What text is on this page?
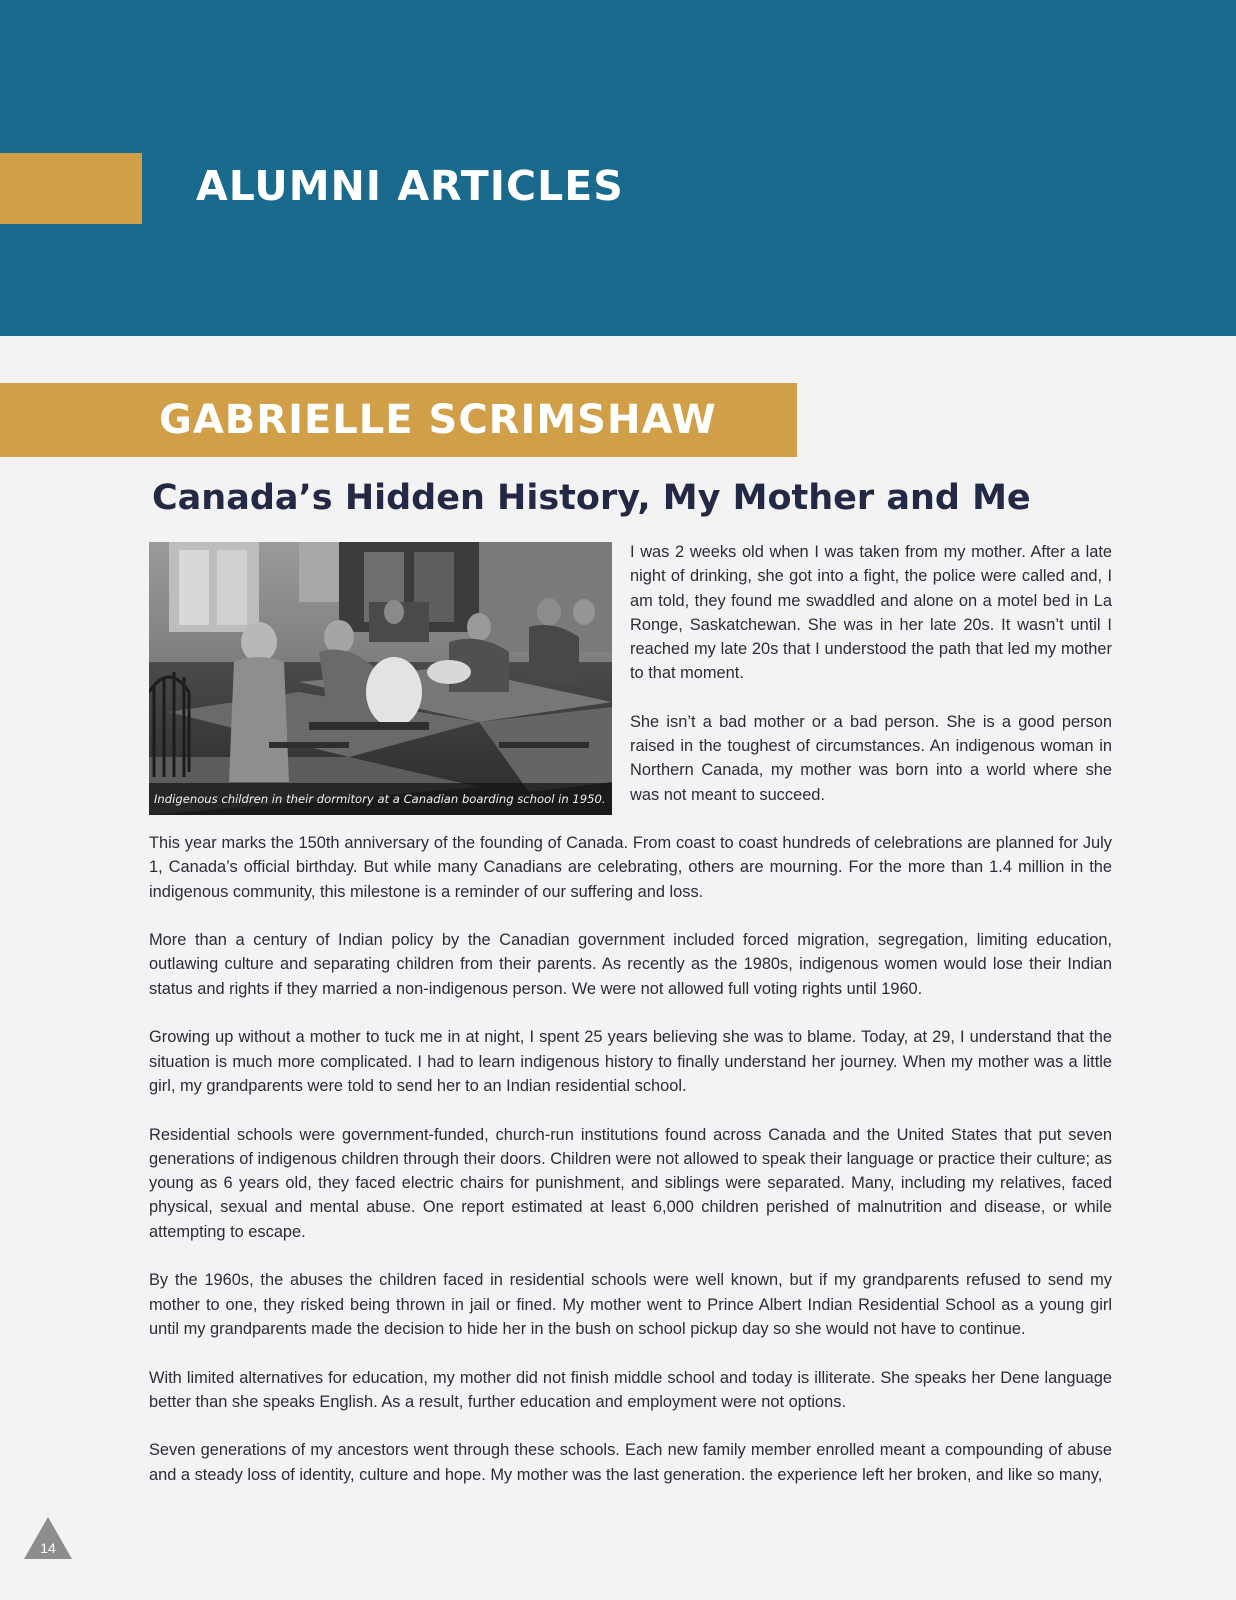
ALUMNI ARTICLES
GABRIELLE SCRIMSHAW
Canada’s Hidden History, My Mother and Me
Indigenous children in their dormitory at a Canadian boarding school in 1950.

I was 2 weeks old when I was taken from my mother. After a late night of drinking, she got into a fight, the police were called and, I am told, they found me swaddled and alone on a motel bed in La Ronge, Saskatchewan. She was in her late 20s. It wasn’t until I reached my late 20s that I understood the path that led my mother to that moment.

She isn’t a bad mother or a bad person. She is a good person raised in the toughest of circumstances. An indigenous woman in Northern Canada, my mother was born into a world where she was not meant to succeed.

This year marks the 150th anniversary of the founding of Canada. From coast to coast hundreds of celebrations are planned for July 1, Canada’s official birthday. But while many Canadians are celebrating, others are mourning. For the more than 1.4 million in the indigenous community, this milestone is a reminder of our suffering and loss.

More than a century of Indian policy by the Canadian government included forced migration, segregation, limiting education, outlawing culture and separating children from their parents. As recently as the 1980s, indigenous women would lose their Indian status and rights if they married a non-indigenous person. We were not allowed full voting rights until 1960.

Growing up without a mother to tuck me in at night, I spent 25 years believing she was to blame. Today, at 29, I understand that the situation is much more complicated. I had to learn indigenous history to finally understand her journey. When my mother was a little girl, my grandparents were told to send her to an Indian residential school.

Residential schools were government-funded, church-run institutions found across Canada and the United States that put seven generations of indigenous children through their doors. Children were not allowed to speak their language or practice their culture; as young as 6 years old, they faced electric chairs for punishment, and siblings were separated. Many, including my relatives, faced physical, sexual and mental abuse. One report estimated at least 6,000 children perished of malnutrition and disease, or while attempting to escape.

By the 1960s, the abuses the children faced in residential schools were well known, but if my grandparents refused to send my mother to one, they risked being thrown in jail or fined. My mother went to Prince Albert Indian Residential School as a young girl until my grandparents made the decision to hide her in the bush on school pickup day so she would not have to continue.

With limited alternatives for education, my mother did not finish middle school and today is illiterate. She speaks her Dene language better than she speaks English. As a result, further education and employment were not options.

Seven generations of my ancestors went through these schools. Each new family member enrolled meant a compounding of abuse and a steady loss of identity, culture and hope. My mother was the last generation. the experience left her broken, and like so many,

14
